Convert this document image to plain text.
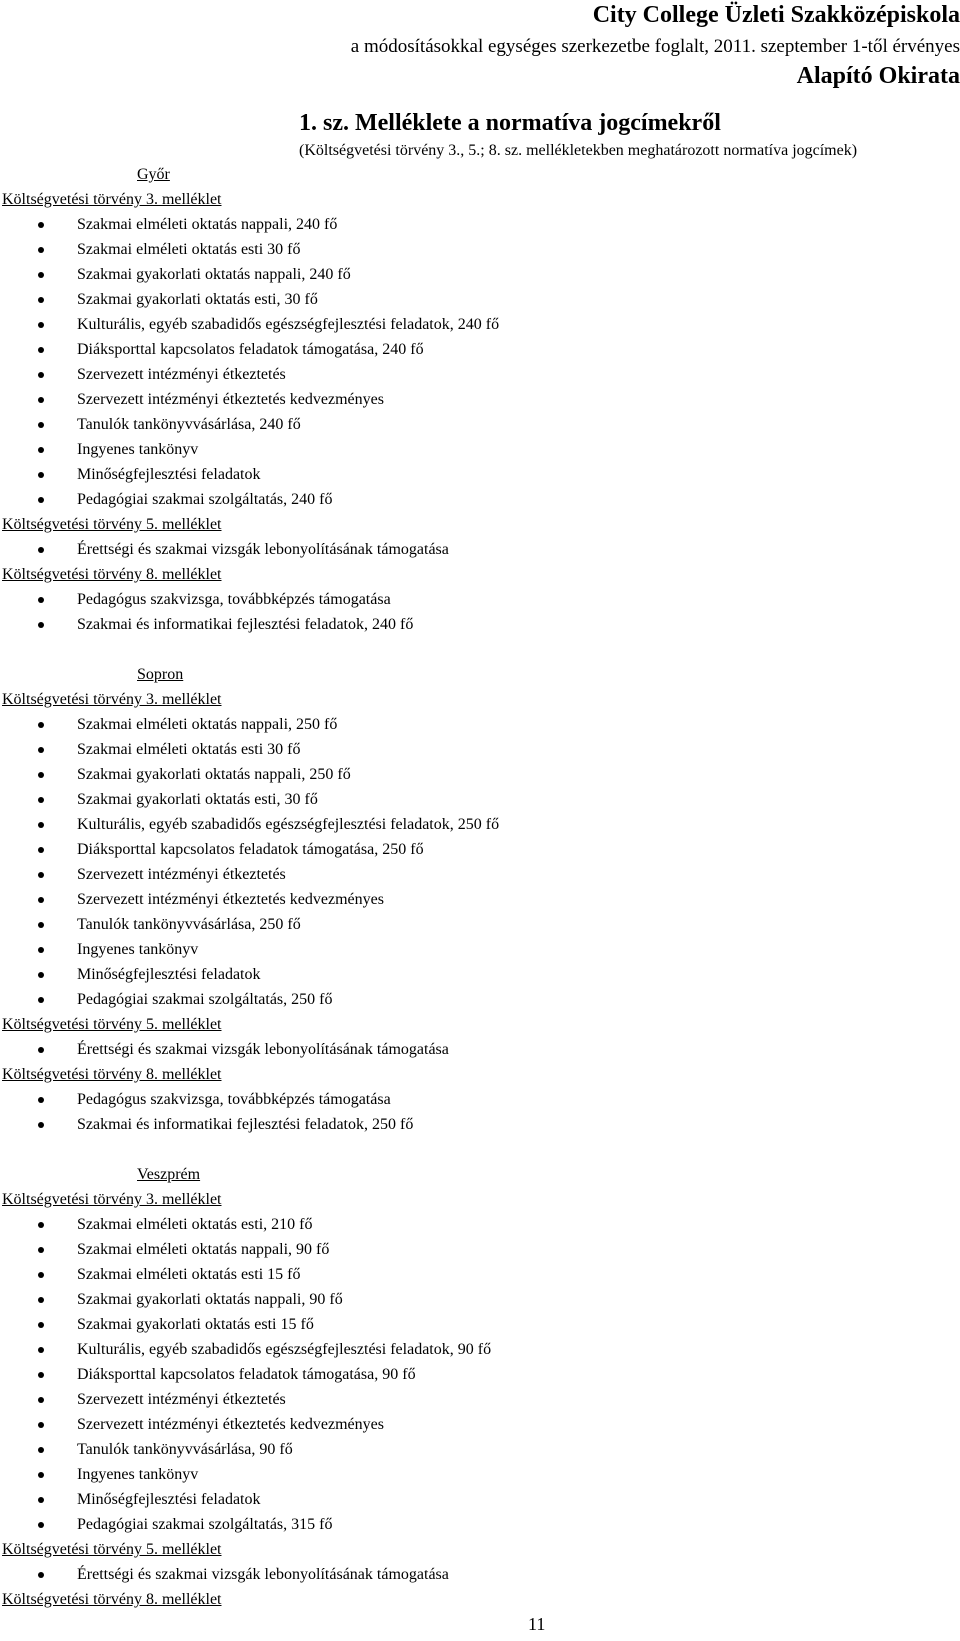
City College Üzleti Szakközépiskola
a módosításokkal egységes szerkezetbe foglalt, 2011. szeptember 1-től érvényes
Alapító Okirata
1. sz. Melléklete a normatíva jogcímekről
(Költségvetési törvény 3., 5.; 8. sz. mellékletekben meghatározott normatíva jogcímek)
Győr
Költségvetési törvény 3. melléklet
Szakmai elméleti oktatás nappali, 240 fő
Szakmai elméleti oktatás esti 30 fő
Szakmai gyakorlati oktatás nappali, 240 fő
Szakmai gyakorlati oktatás esti, 30 fő
Kulturális, egyéb szabadidős egészségfejlesztési feladatok, 240 fő
Diáksporttal kapcsolatos feladatok támogatása, 240 fő
Szervezett intézményi étkeztetés
Szervezett intézményi étkeztetés kedvezményes
Tanulók tankönyvvásárlása, 240 fő
Ingyenes tankönyv
Minőségfejlesztési feladatok
Pedagógiai szakmai szolgáltatás, 240 fő
Költségvetési törvény 5. melléklet
Érettségi és szakmai vizsgák lebonyolításának támogatása
Költségvetési törvény 8. melléklet
Pedagógus szakvizsga, továbbképzés támogatása
Szakmai és informatikai fejlesztési feladatok, 240 fő
Sopron
Költségvetési törvény 3. melléklet
Szakmai elméleti oktatás nappali, 250 fő
Szakmai elméleti oktatás esti 30 fő
Szakmai gyakorlati oktatás nappali, 250 fő
Szakmai gyakorlati oktatás esti, 30 fő
Kulturális, egyéb szabadidős egészségfejlesztési feladatok, 250 fő
Diáksporttal kapcsolatos feladatok támogatása, 250 fő
Szervezett intézményi étkeztetés
Szervezett intézményi étkeztetés kedvezményes
Tanulók tankönyvvásárlása, 250 fő
Ingyenes tankönyv
Minőségfejlesztési feladatok
Pedagógiai szakmai szolgáltatás, 250 fő
Költségvetési törvény 5. melléklet
Érettségi és szakmai vizsgák lebonyolításának támogatása
Költségvetési törvény 8. melléklet
Pedagógus szakvizsga, továbbképzés támogatása
Szakmai és informatikai fejlesztési feladatok, 250 fő
Veszprém
Költségvetési törvény 3. melléklet
Szakmai elméleti oktatás esti, 210 fő
Szakmai elméleti oktatás nappali, 90 fő
Szakmai elméleti oktatás esti 15 fő
Szakmai gyakorlati oktatás nappali, 90 fő
Szakmai gyakorlati oktatás esti 15 fő
Kulturális, egyéb szabadidős egészségfejlesztési feladatok, 90 fő
Diáksporttal kapcsolatos feladatok támogatása, 90 fő
Szervezett intézményi étkeztetés
Szervezett intézményi étkeztetés kedvezményes
Tanulók tankönyvvásárlása, 90 fő
Ingyenes tankönyv
Minőségfejlesztési feladatok
Pedagógiai szakmai szolgáltatás, 315 fő
Költségvetési törvény 5. melléklet
Érettségi és szakmai vizsgák lebonyolításának támogatása
Költségvetési törvény 8. melléklet
11
